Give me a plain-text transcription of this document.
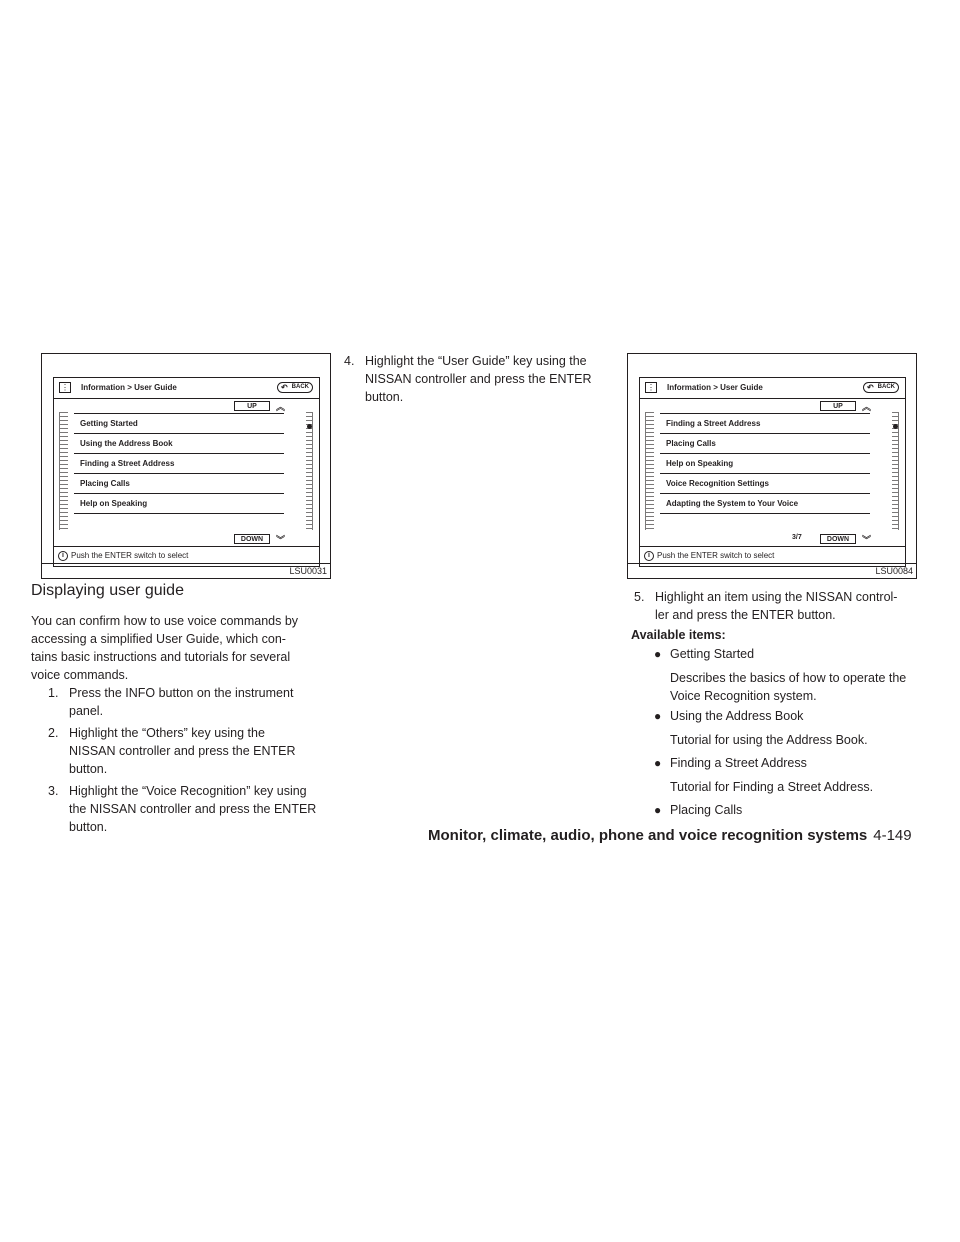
⋮ Information > User Guide	↶ BACK
UP	︽
Getting Started
Using the Address Book
Finding a Street Address
Placing Calls
Help on Speaking
DOWN	︾
i Push the ENTER switch to select
LSU0031
⋮ Information > User Guide	↶ BACK
UP	︽
Finding a Street Address
Placing Calls
Help on Speaking
Voice Recognition Settings
Adapting the System to Your Voice
3/7	DOWN	︾
i Push the ENTER switch to select
LSU0084
Displaying user guide
You can confirm how to use voice commands by
accessing a simplified User Guide, which con-
tains basic instructions and tutorials for several
voice commands.
1. Press the INFO button on the instrument
panel.
2. Highlight the “Others” key using the
NISSAN controller and press the ENTER
button.
3. Highlight the “Voice Recognition” key using
the NISSAN controller and press the ENTER
button.
4. Highlight the “User Guide” key using the
NISSAN controller and press the ENTER
button.
5. Highlight an item using the NISSAN control-
ler and press the ENTER button.
Available items:
● Getting Started
Describes the basics of how to operate the
Voice Recognition system.
● Using the Address Book
Tutorial for using the Address Book.
● Finding a Street Address
Tutorial for Finding a Street Address.
● Placing Calls
Monitor, climate, audio, phone and voice recognition systems 4-149
